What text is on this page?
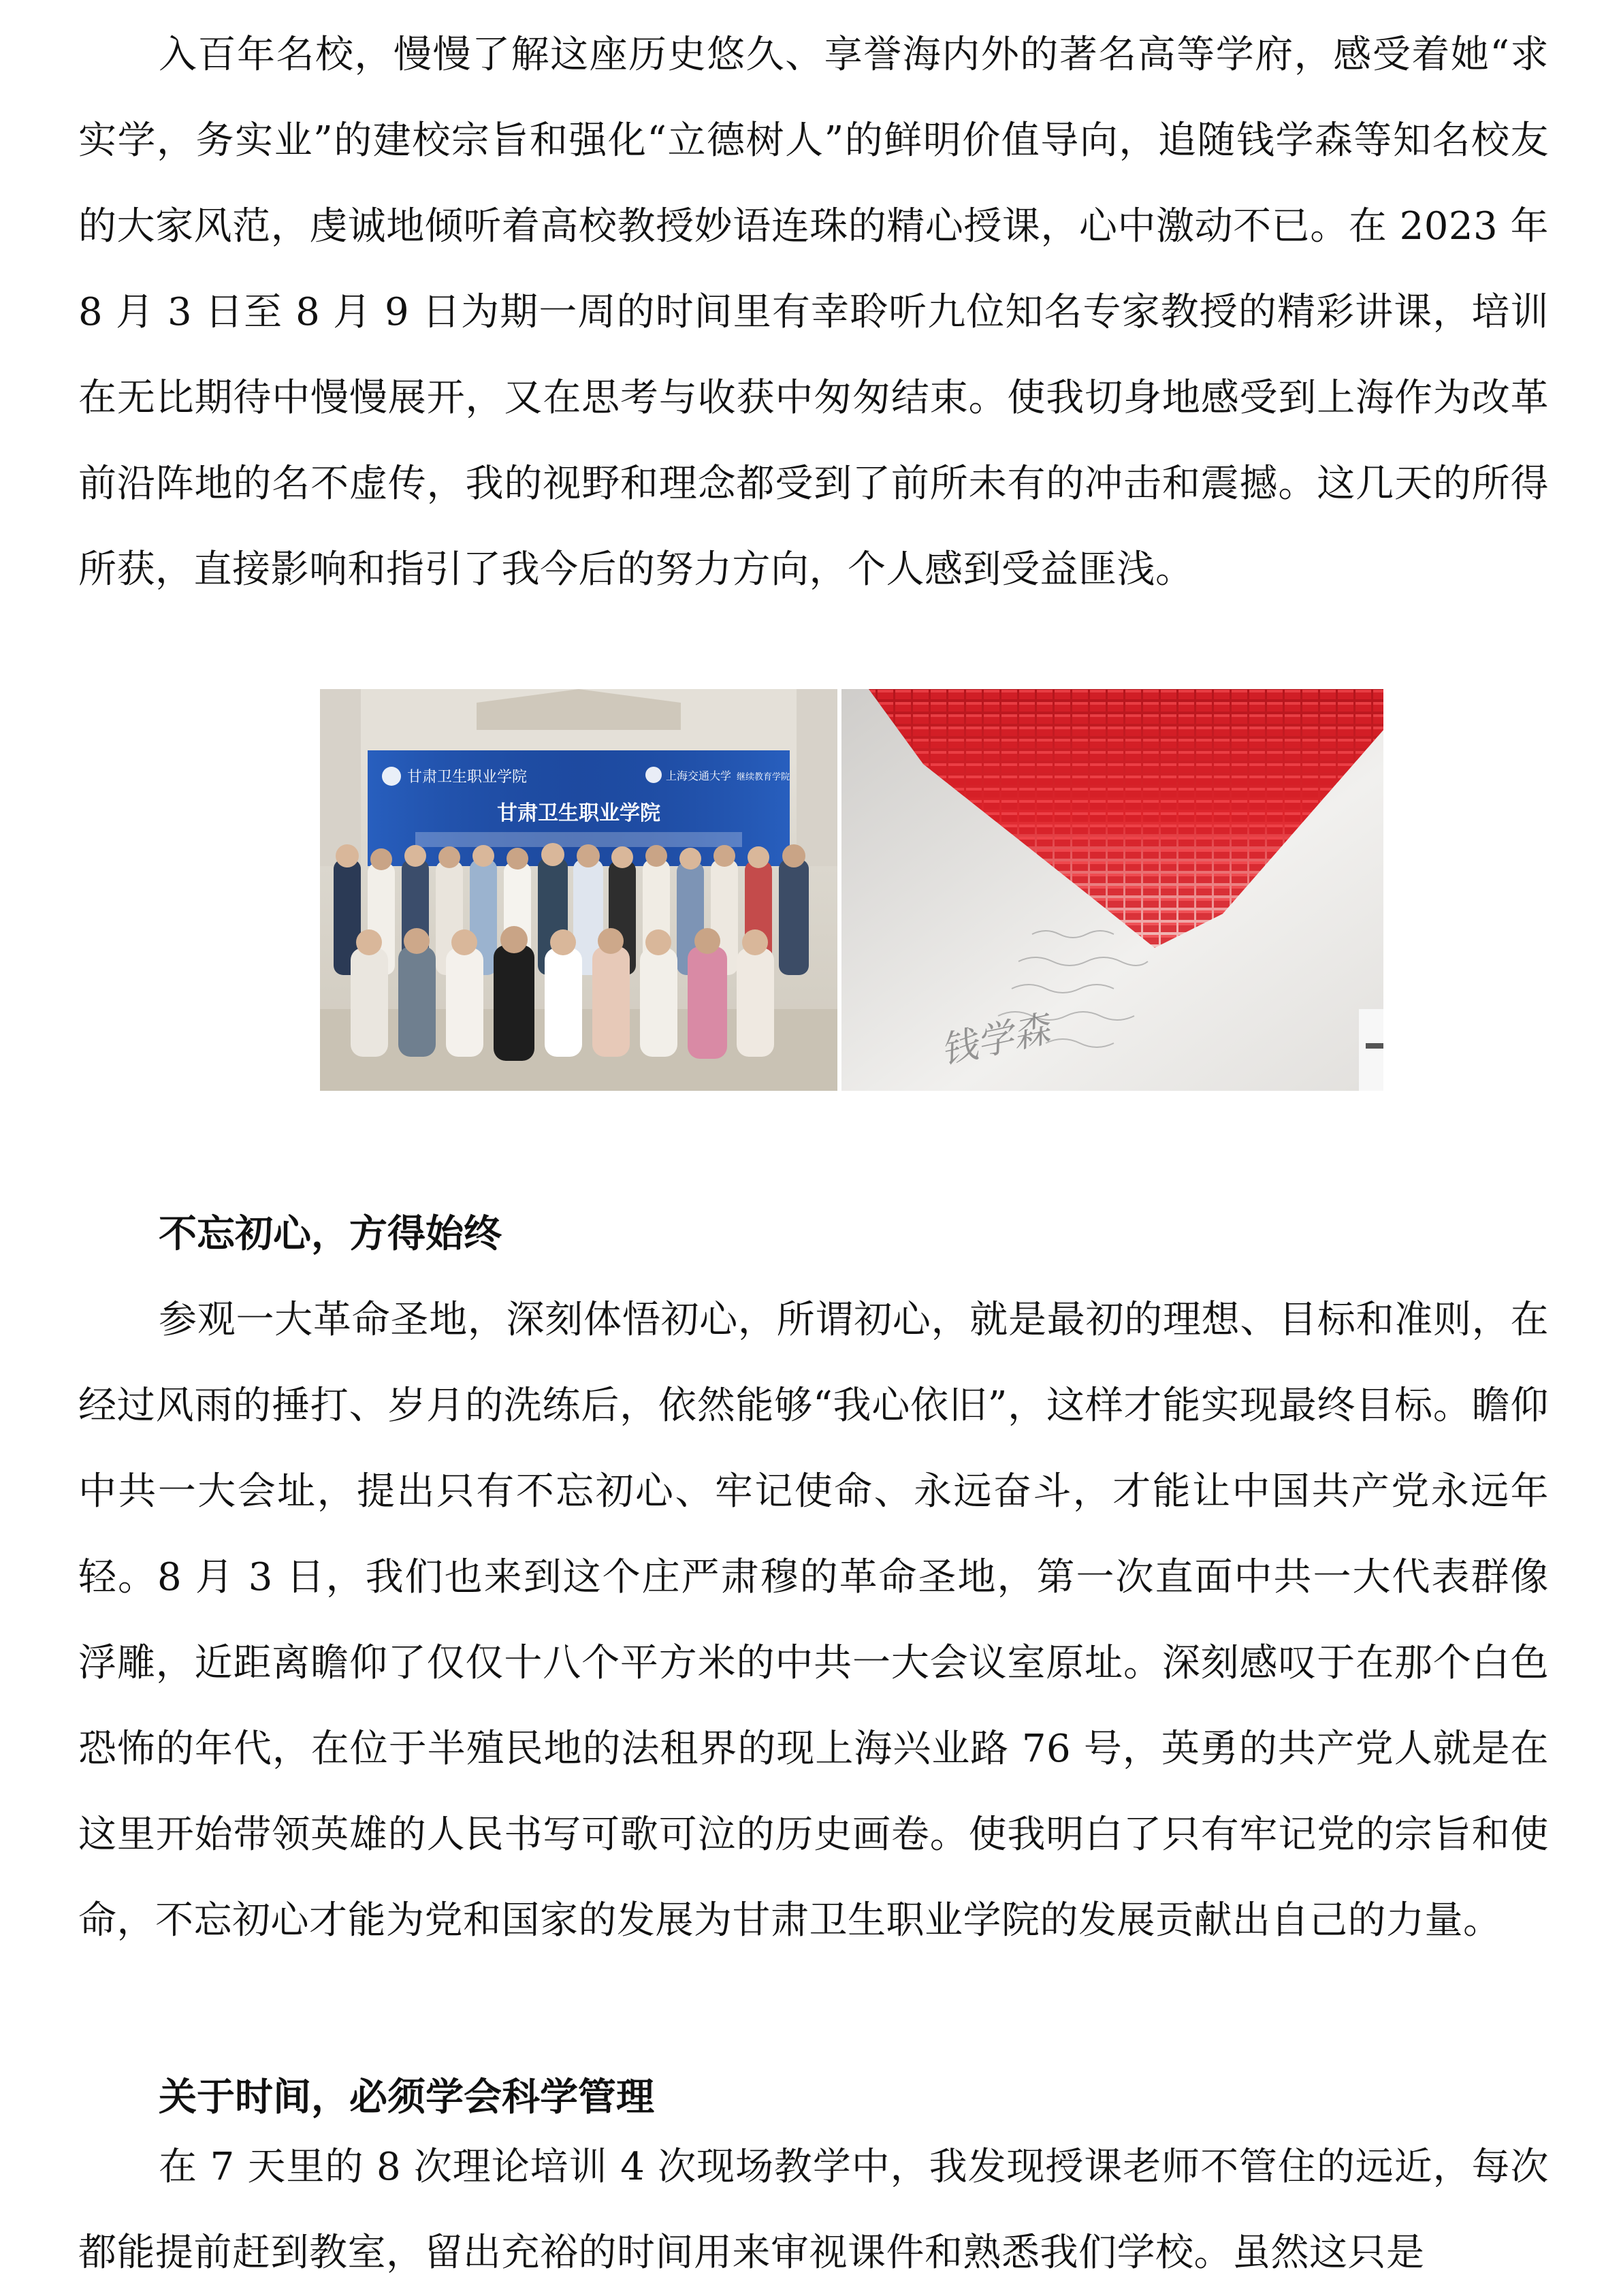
入百年名校，慢慢了解这座历史悠久、享誉海内外的著名高等学府，感受着她“求实学，务实业”的建校宗旨和强化“立德树人”的鲜明价值导向，追随钱学森等知名校友的大家风范，虔诚地倾听着高校教授妙语连珠的精心授课，心中激动不已。在 2023 年 8 月 3 日至 8 月 9 日为期一周的时间里有幸聆听九位知名专家教授的精彩讲课，培训在无比期待中慢慢展开，又在思考与收获中匆匆结束。使我切身地感受到上海作为改革前沿阵地的名不虚传，我的视野和理念都受到了前所未有的冲击和震撼。这几天的所得所获，直接影响和指引了我今后的努力方向，个人感到受益匪浅。

甘肃卫生职业学院	上海交通大学 继续教育学院
甘肃卫生职业学院
钱学森

不忘初心，方得始终

参观一大革命圣地，深刻体悟初心，所谓初心，就是最初的理想、目标和准则，在经过风雨的捶打、岁月的洗练后，依然能够“我心依旧”，这样才能实现最终目标。瞻仰中共一大会址，提出只有不忘初心、牢记使命、永远奋斗，才能让中国共产党永远年轻。8 月 3 日，我们也来到这个庄严肃穆的革命圣地，第一次直面中共一大代表群像浮雕，近距离瞻仰了仅仅十八个平方米的中共一大会议室原址。深刻感叹于在那个白色恐怖的年代，在位于半殖民地的法租界的现上海兴业路 76 号，英勇的共产党人就是在这里开始带领英雄的人民书写可歌可泣的历史画卷。使我明白了只有牢记党的宗旨和使命，不忘初心才能为党和国家的发展为甘肃卫生职业学院的发展贡献出自己的力量。

关于时间，必须学会科学管理

在 7 天里的 8 次理论培训 4 次现场教学中，我发现授课老师不管住的远近，每次都能提前赶到教室，留出充裕的时间用来审视课件和熟悉我们学校。虽然这只是
